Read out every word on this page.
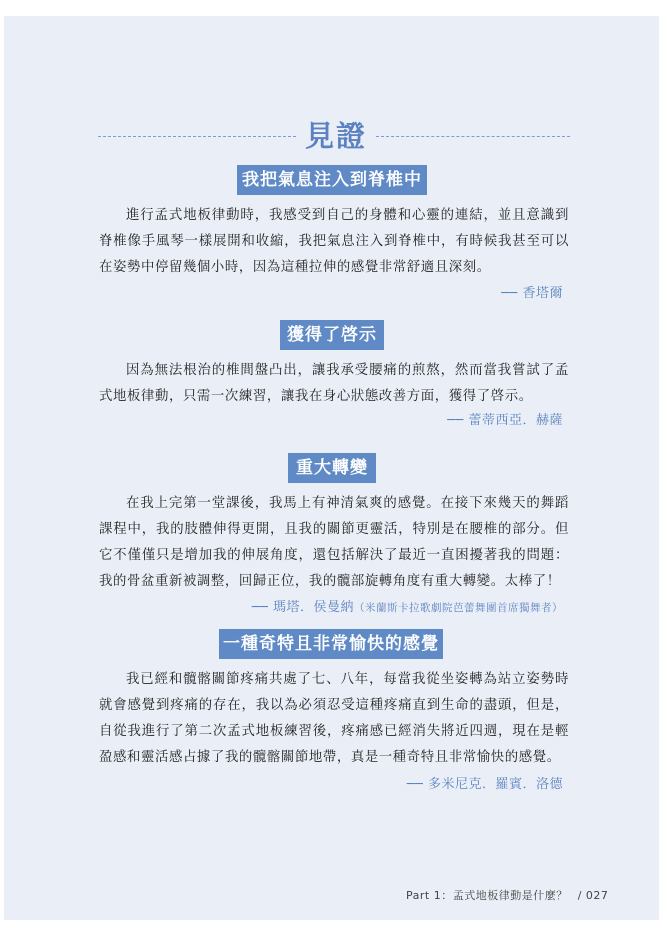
見證
我把氣息注入到脊椎中

進行孟式地板律動時，我感受到自己的身體和心靈的連結，並且意識到脊椎像手風琴一樣展開和收縮，我把氣息注入到脊椎中，有時候我甚至可以在姿勢中停留幾個小時，因為這種拉伸的感覺非常舒適且深刻。

── 香塔爾
獲得了啓示

因為無法根治的椎間盤凸出，讓我承受腰痛的煎熬，然而當我嘗試了孟式地板律動，只需一次練習，讓我在身心狀態改善方面，獲得了啓示。

── 蕾蒂西亞．赫薩
重大轉變

在我上完第一堂課後，我馬上有神清氣爽的感覺。在接下來幾天的舞蹈課程中，我的肢體伸得更開，且我的關節更靈活，特別是在腰椎的部分。但它不僅僅只是增加我的伸展角度，還包括解決了最近一直困擾著我的問題：我的骨盆重新被調整，回歸正位，我的髖部旋轉角度有重大轉變。太棒了！

── 瑪塔．侯曼納（米蘭斯卡拉歌劇院芭蕾舞團首席獨舞者）
一種奇特且非常愉快的感覺

我已經和髖髂關節疼痛共處了七、八年，每當我從坐姿轉為站立姿勢時就會感覺到疼痛的存在，我以為必須忍受這種疼痛直到生命的盡頭，但是，自從我進行了第二次孟式地板練習後，疼痛感已經消失將近四週，現在是輕盈感和靈活感占據了我的髖髂關節地帶，真是一種奇特且非常愉快的感覺。

── 多米尼克．羅賓．洛德
Part 1：孟式地板律動是什麼？ / 027
